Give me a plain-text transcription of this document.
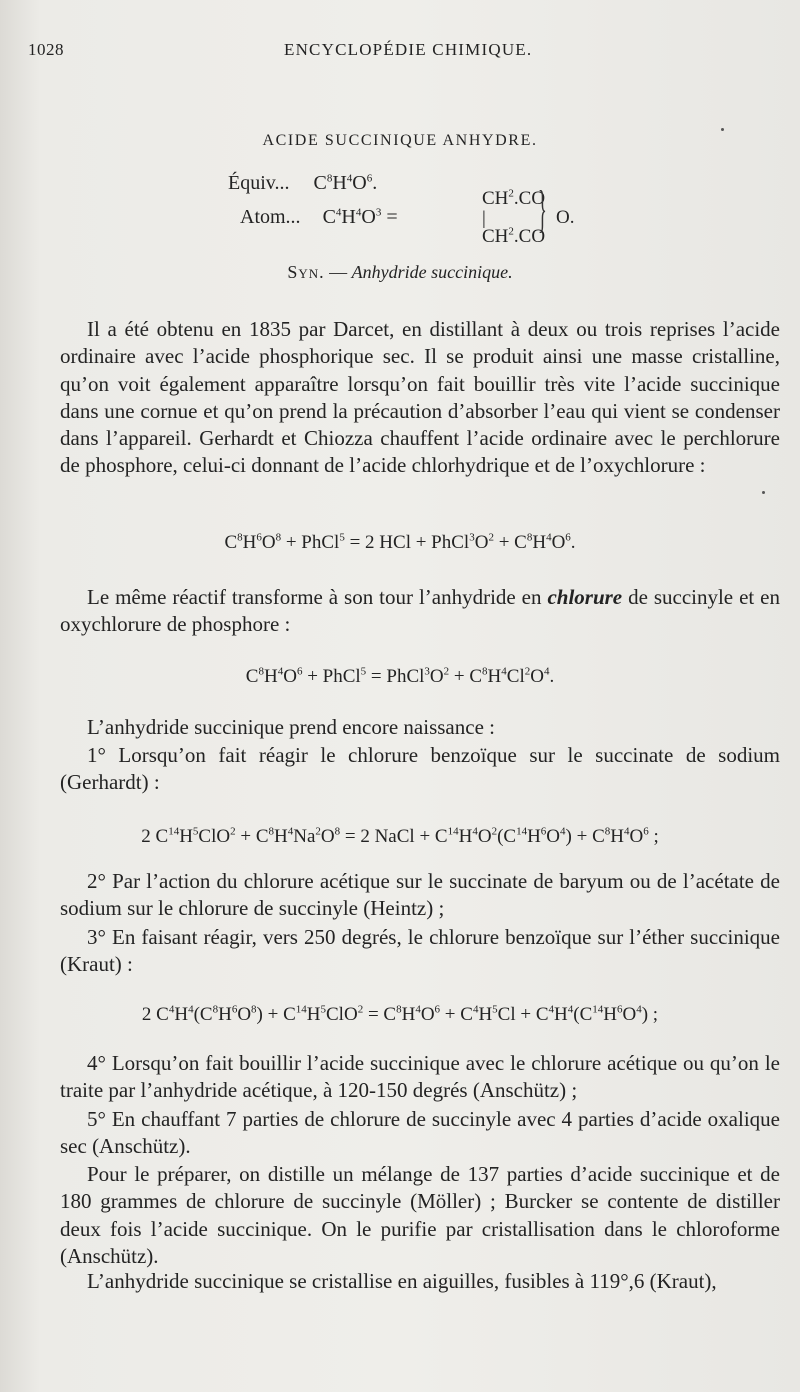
1028	ENCYCLOPÉDIE CHIMIQUE.
ACIDE SUCCINIQUE ANHYDRE.
Équiv... $C^8H^4O^6$.
Atom... $C^4H^4O^3$ =
$CH^2.CO$
|
$CH^2.CO$
} O.
Syn. — Anhydride succinique.
Il a été obtenu en 1835 par Darcet, en distillant à deux ou trois reprises l’acide ordinaire avec l’acide phosphorique sec. Il se produit ainsi une masse cristalline, qu’on voit également apparaître lorsqu’on fait bouillir très vite l’acide succinique dans une cornue et qu’on prend la précaution d’absorber l’eau qui vient se condenser dans l’appareil. Gerhardt et Chiozza chauffent l’acide ordinaire avec le perchlorure de phosphore, celui-ci donnant de l’acide chlorhydrique et de l’oxychlorure :
$C^8H^6O^8$ + PhCl$^5$ = 2 HCl + $PhCl^3O^2 + C^8H^4O^6$.
Le même réactif transforme à son tour l’anhydride en chlorure de succinyle et en oxychlorure de phosphore :
$C^8H^4O^6$ + PhCl$^5$ = $PhCl^3O^2 + C^8H^4Cl^2O^4$.
L’anhydride succinique prend encore naissance :
1° Lorsqu’on fait réagir le chlorure benzoïque sur le succinate de sodium (Gerhardt) :
2 $C^{14}H^5ClO^2 + C^8H^4Na^2O^8 = 2$ NaCl + $C^{14}H^4O^2(C^{14}H^6O^4) + C^8H^4O^6$ ;
2° Par l’action du chlorure acétique sur le succinate de baryum ou de l’acétate de sodium sur le chlorure de succinyle (Heintz) ;
3° En faisant réagir, vers 250 degrés, le chlorure benzoïque sur l’éther succinique (Kraut) :
2 $C^4H^4(C^8H^6O^8) + C^{14}H^5ClO^2 = C^8H^4O^6 + C^4H^5Cl + C^4H^4(C^{14}H^6O^4)$ ;
4° Lorsqu’on fait bouillir l’acide succinique avec le chlorure acétique ou qu’on le traite par l’anhydride acétique, à 120-150 degrés (Anschütz) ;
5° En chauffant 7 parties de chlorure de succinyle avec 4 parties d’acide oxalique sec (Anschütz).
Pour le préparer, on distille un mélange de 137 parties d’acide succinique et de 180 grammes de chlorure de succinyle (Möller) ; Burcker se contente de distiller deux fois l’acide succinique. On le purifie par cristallisation dans le chloroforme (Anschütz).
L’anhydride succinique se cristallise en aiguilles, fusibles à 119°,6 (Kraut),
